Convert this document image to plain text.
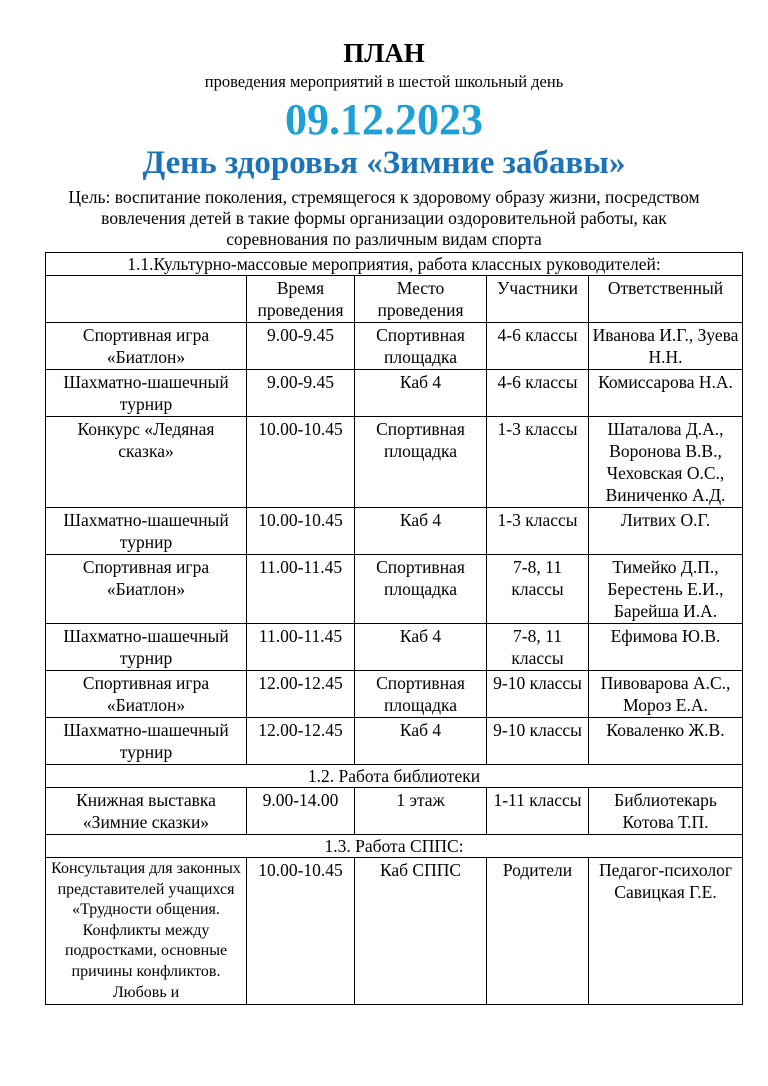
ПЛАН
проведения мероприятий в шестой школьный день
09.12.2023
День здоровья «Зимние забавы»
Цель: воспитание поколения, стремящегося к здоровому образу жизни, посредством вовлечения детей в такие формы организации оздоровительной работы, как соревнования по различным видам спорта
1.1.Культурно-массовые мероприятия, работа классных руководителей:				
	Время проведения	Место проведения	Участники	Ответственный
Спортивная игра «Биатлон»	9.00-9.45	Спортивная площадка	4-6 классы	Иванова И.Г., Зуева Н.Н.
Шахматно-шашечный турнир	9.00-9.45	Каб 4	4-6 классы	Комиссарова Н.А.
Конкурс «Ледяная сказка»	10.00-10.45	Спортивная площадка	1-3 классы	Шаталова Д.А., Воронова В.В., Чеховская О.С., Виниченко А.Д.
Шахматно-шашечный турнир	10.00-10.45	Каб 4	1-3 классы	Литвих О.Г.
Спортивная игра «Биатлон»	11.00-11.45	Спортивная площадка	7-8, 11 классы	Тимейко Д.П., Берестень Е.И., Барейша И.А.
Шахматно-шашечный турнир	11.00-11.45	Каб 4	7-8, 11 классы	Ефимова Ю.В.
Спортивная игра «Биатлон»	12.00-12.45	Спортивная площадка	9-10 классы	Пивоварова А.С., Мороз Е.А.
Шахматно-шашечный турнир	12.00-12.45	Каб 4	9-10 классы	Коваленко Ж.В.
1.2. Работа библиотеки				
Книжная выставка «Зимние сказки»	9.00-14.00	1 этаж	1-11 классы	Библиотекарь Котова Т.П.
1.3. Работа СППС:				
Консультация для законных представителей учащихся «Трудности общения. Конфликты между подростками, основные причины конфликтов. Любовь и	10.00-10.45	Каб СППС	Родители	Педагог-психолог Савицкая Г.Е.
